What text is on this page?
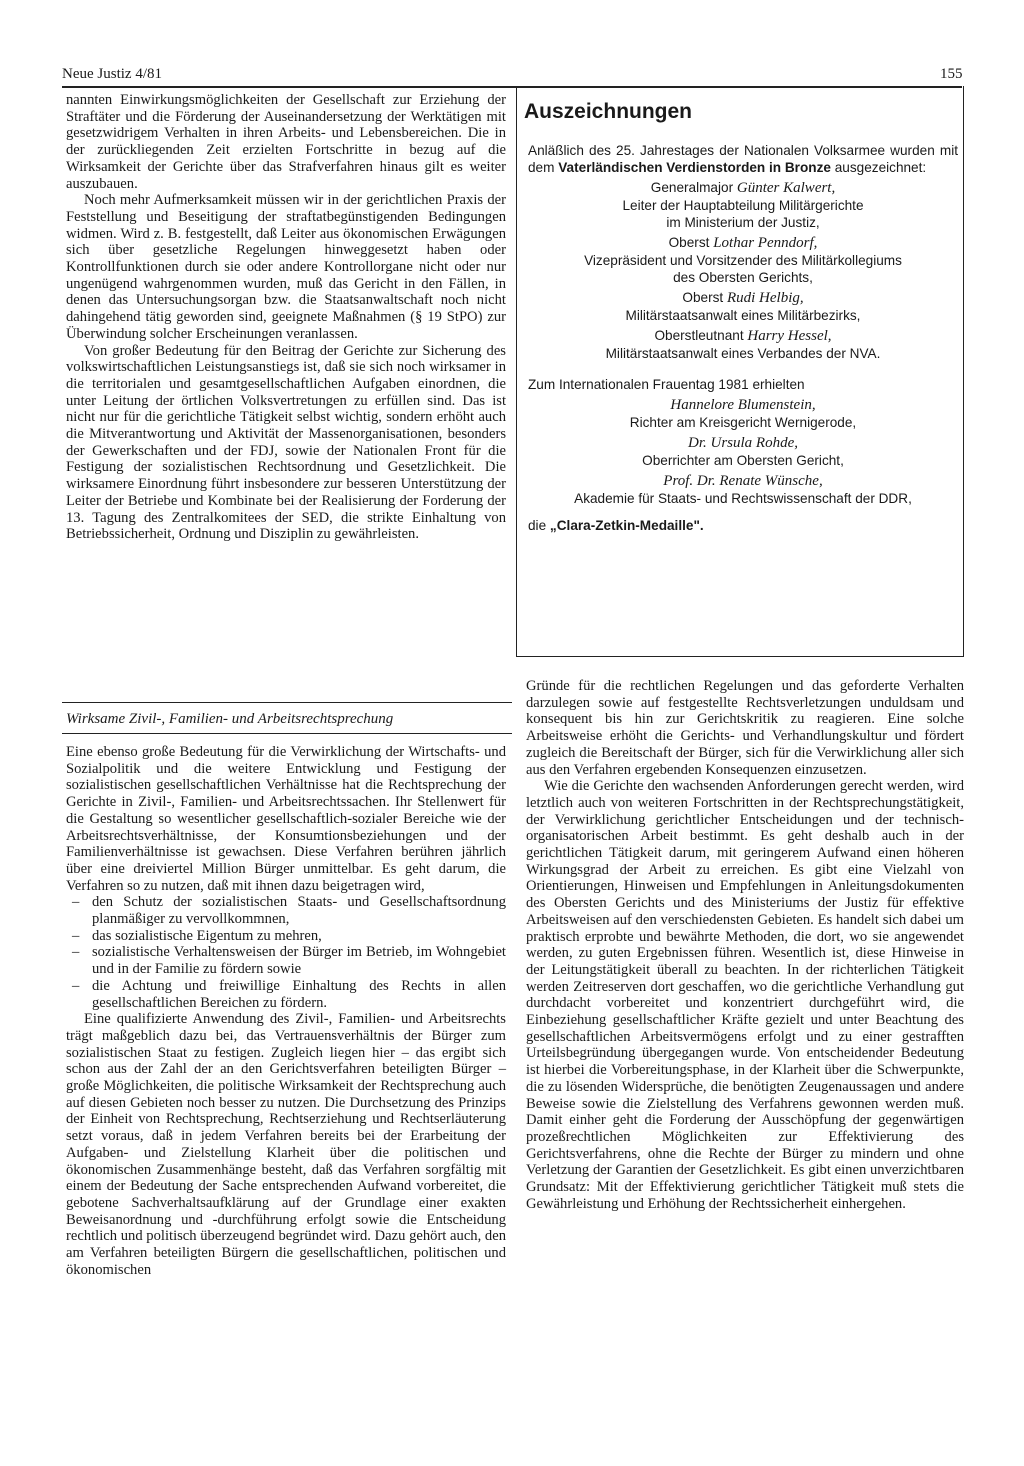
Neue Justiz 4/81	155

nannten Einwirkungsmöglichkeiten der Gesellschaft zur Erziehung der Straftäter und die Förderung der Auseinandersetzung der Werktätigen mit gesetzwidrigem Verhalten in ihren Arbeits- und Lebensbereichen. Die in der zurückliegenden Zeit erzielten Fortschritte in bezug auf die Wirksamkeit der Gerichte über das Strafverfahren hinaus gilt es weiter auszubauen.

Noch mehr Aufmerksamkeit müssen wir in der gerichtlichen Praxis der Feststellung und Beseitigung der straftatbegünstigenden Bedingungen widmen. Wird z. B. festgestellt, daß Leiter aus ökonomischen Erwägungen sich über gesetzliche Regelungen hinweggesetzt haben oder Kontrollfunktionen durch sie oder andere Kontrollorgane nicht oder nur ungenügend wahrgenommen wurden, muß das Gericht in den Fällen, in denen das Untersuchungsorgan bzw. die Staatsanwaltschaft noch nicht dahingehend tätig geworden sind, geeignete Maßnahmen (§ 19 StPO) zur Überwindung solcher Erscheinungen veranlassen.

Von großer Bedeutung für den Beitrag der Gerichte zur Sicherung des volkswirtschaftlichen Leistungsanstiegs ist, daß sie sich noch wirksamer in die territorialen und gesamtgesellschaftlichen Aufgaben einordnen, die unter Leitung der örtlichen Volksvertretungen zu erfüllen sind. Das ist nicht nur für die gerichtliche Tätigkeit selbst wichtig, sondern erhöht auch die Mitverantwortung und Aktivität der Massenorganisationen, besonders der Gewerkschaften und der FDJ, sowie der Nationalen Front für die Festigung der sozialistischen Rechtsordnung und Gesetzlichkeit. Die wirksamere Einordnung führt insbesondere zur besseren Unterstützung der Leiter der Betriebe und Kombinate bei der Realisierung der Forderung der 13. Tagung des Zentralkomitees der SED, die strikte Einhaltung von Betriebssicherheit, Ordnung und Disziplin zu gewährleisten.

Wirksame Zivil-, Familien- und Arbeitsrechtsprechung

Eine ebenso große Bedeutung für die Verwirklichung der Wirtschafts- und Sozialpolitik und die weitere Entwicklung und Festigung der sozialistischen gesellschaftlichen Verhältnisse hat die Rechtsprechung der Gerichte in Zivil-, Familien- und Arbeitsrechtssachen. Ihr Stellenwert für die Gestaltung so wesentlicher gesellschaftlich-sozialer Bereiche wie der Arbeitsrechtsverhältnisse, der Konsumtionsbeziehungen und der Familienverhältnisse ist gewachsen. Diese Verfahren berühren jährlich über eine dreiviertel Million Bürger unmittelbar. Es geht darum, die Verfahren so zu nutzen, daß mit ihnen dazu beigetragen wird,

– den Schutz der sozialistischen Staats- und Gesellschaftsordnung planmäßiger zu vervollkommnen,
– das sozialistische Eigentum zu mehren,
– sozialistische Verhaltensweisen der Bürger im Betrieb, im Wohngebiet und in der Familie zu fördern sowie
– die Achtung und freiwillige Einhaltung des Rechts in allen gesellschaftlichen Bereichen zu fördern.

Eine qualifizierte Anwendung des Zivil-, Familien- und Arbeitsrechts trägt maßgeblich dazu bei, das Vertrauensverhältnis der Bürger zum sozialistischen Staat zu festigen. Zugleich liegen hier – das ergibt sich schon aus der Zahl der an den Gerichtsverfahren beteiligten Bürger – große Möglichkeiten, die politische Wirksamkeit der Rechtsprechung auch auf diesen Gebieten noch besser zu nutzen. Die Durchsetzung des Prinzips der Einheit von Rechtsprechung, Rechtserziehung und Rechtserläuterung setzt voraus, daß in jedem Verfahren bereits bei der Erarbeitung der Aufgaben- und Zielstellung Klarheit über die politischen und ökonomischen Zusammenhänge besteht, daß das Verfahren sorgfältig mit einem der Bedeutung der Sache entsprechenden Aufwand vorbereitet, die gebotene Sachverhaltsaufklärung auf der Grundlage einer exakten Beweisanordnung und -durchführung erfolgt sowie die Entscheidung rechtlich und politisch überzeugend begründet wird. Dazu gehört auch, den am Verfahren beteiligten Bürgern die gesellschaftlichen, politischen und ökonomischen

Auszeichnungen

Anläßlich des 25. Jahrestages der Nationalen Volksarmee wurden mit dem Vaterländischen Verdienstorden in Bronze ausgezeichnet:

Generalmajor Günter Kalwert,
Leiter der Hauptabteilung Militärgerichte
im Ministerium der Justiz,
Oberst Lothar Penndorf,
Vizepräsident und Vorsitzender des Militärkollegiums
des Obersten Gerichts,
Oberst Rudi Helbig,
Militärstaatsanwalt eines Militärbezirks,
Oberstleutnant Harry Hessel,
Militärstaatsanwalt eines Verbandes der NVA.

Zum Internationalen Frauentag 1981 erhielten

Hannelore Blumenstein,
Richter am Kreisgericht Wernigerode,
Dr. Ursula Rohde,
Oberrichter am Obersten Gericht,
Prof. Dr. Renate Wünsche,
Akademie für Staats- und Rechtswissenschaft der DDR,

die „Clara-Zetkin-Medaille".

Gründe für die rechtlichen Regelungen und das geforderte Verhalten darzulegen sowie auf festgestellte Rechtsverletzungen unduldsam und konsequent bis hin zur Gerichtskritik zu reagieren. Eine solche Arbeitsweise erhöht die Gerichts- und Verhandlungskultur und fördert zugleich die Bereitschaft der Bürger, sich für die Verwirklichung aller sich aus den Verfahren ergebenden Konsequenzen einzusetzen.

Wie die Gerichte den wachsenden Anforderungen gerecht werden, wird letztlich auch von weiteren Fortschritten in der Rechtsprechungstätigkeit, der Verwirklichung gerichtlicher Entscheidungen und der technisch-organisatorischen Arbeit bestimmt. Es geht deshalb auch in der gerichtlichen Tätigkeit darum, mit geringerem Aufwand einen höheren Wirkungsgrad der Arbeit zu erreichen. Es gibt eine Vielzahl von Orientierungen, Hinweisen und Empfehlungen in Anleitungsdokumenten des Obersten Gerichts und des Ministeriums der Justiz für effektive Arbeitsweisen auf den verschiedensten Gebieten. Es handelt sich dabei um praktisch erprobte und bewährte Methoden, die dort, wo sie angewendet werden, zu guten Ergebnissen führen. Wesentlich ist, diese Hinweise in der Leitungstätigkeit überall zu beachten. In der richterlichen Tätigkeit werden Zeitreserven dort geschaffen, wo die gerichtliche Verhandlung gut durchdacht vorbereitet und konzentriert durchgeführt wird, die Einbeziehung gesellschaftlicher Kräfte gezielt und unter Beachtung des gesellschaftlichen Arbeitsvermögens erfolgt und zu einer gestrafften Urteilsbegründung übergegangen wurde. Von entscheidender Bedeutung ist hierbei die Vorbereitungsphase, in der Klarheit über die Schwerpunkte, die zu lösenden Widersprüche, die benötigten Zeugenaussagen und andere Beweise sowie die Zielstellung des Verfahrens gewonnen werden muß. Damit einher geht die Forderung der Ausschöpfung der gegenwärtigen prozeßrechtlichen Möglichkeiten zur Effektivierung des Gerichtsverfahrens, ohne die Rechte der Bürger zu mindern und ohne Verletzung der Garantien der Gesetzlichkeit. Es gibt einen unverzichtbaren Grundsatz: Mit der Effektivierung gerichtlicher Tätigkeit muß stets die Gewährleistung und Erhöhung der Rechtssicherheit einhergehen.
